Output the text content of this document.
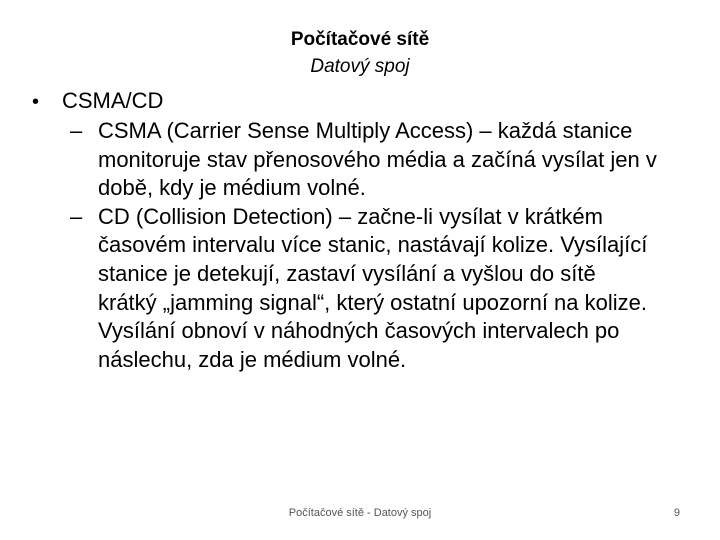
Počítačové sítě

Datový spoj

•	CSMA/CD

– CSMA (Carrier Sense Multiply Access) – každá stanice monitoruje stav přenosového média a začíná vysílat jen v době, kdy je médium volné.

– CD (Collision Detection) – začne-li vysílat v krátkém časovém intervalu více stanic, nastávají kolize. Vysílající stanice je detekují, zastaví vysílání a vyšlou do sítě krátký „jamming signal“, který ostatní upozorní na kolize. Vysílání obnoví v náhodných časových intervalech po náslechu, zda je médium volné.

Počítačové sítě - Datový spoj	9
